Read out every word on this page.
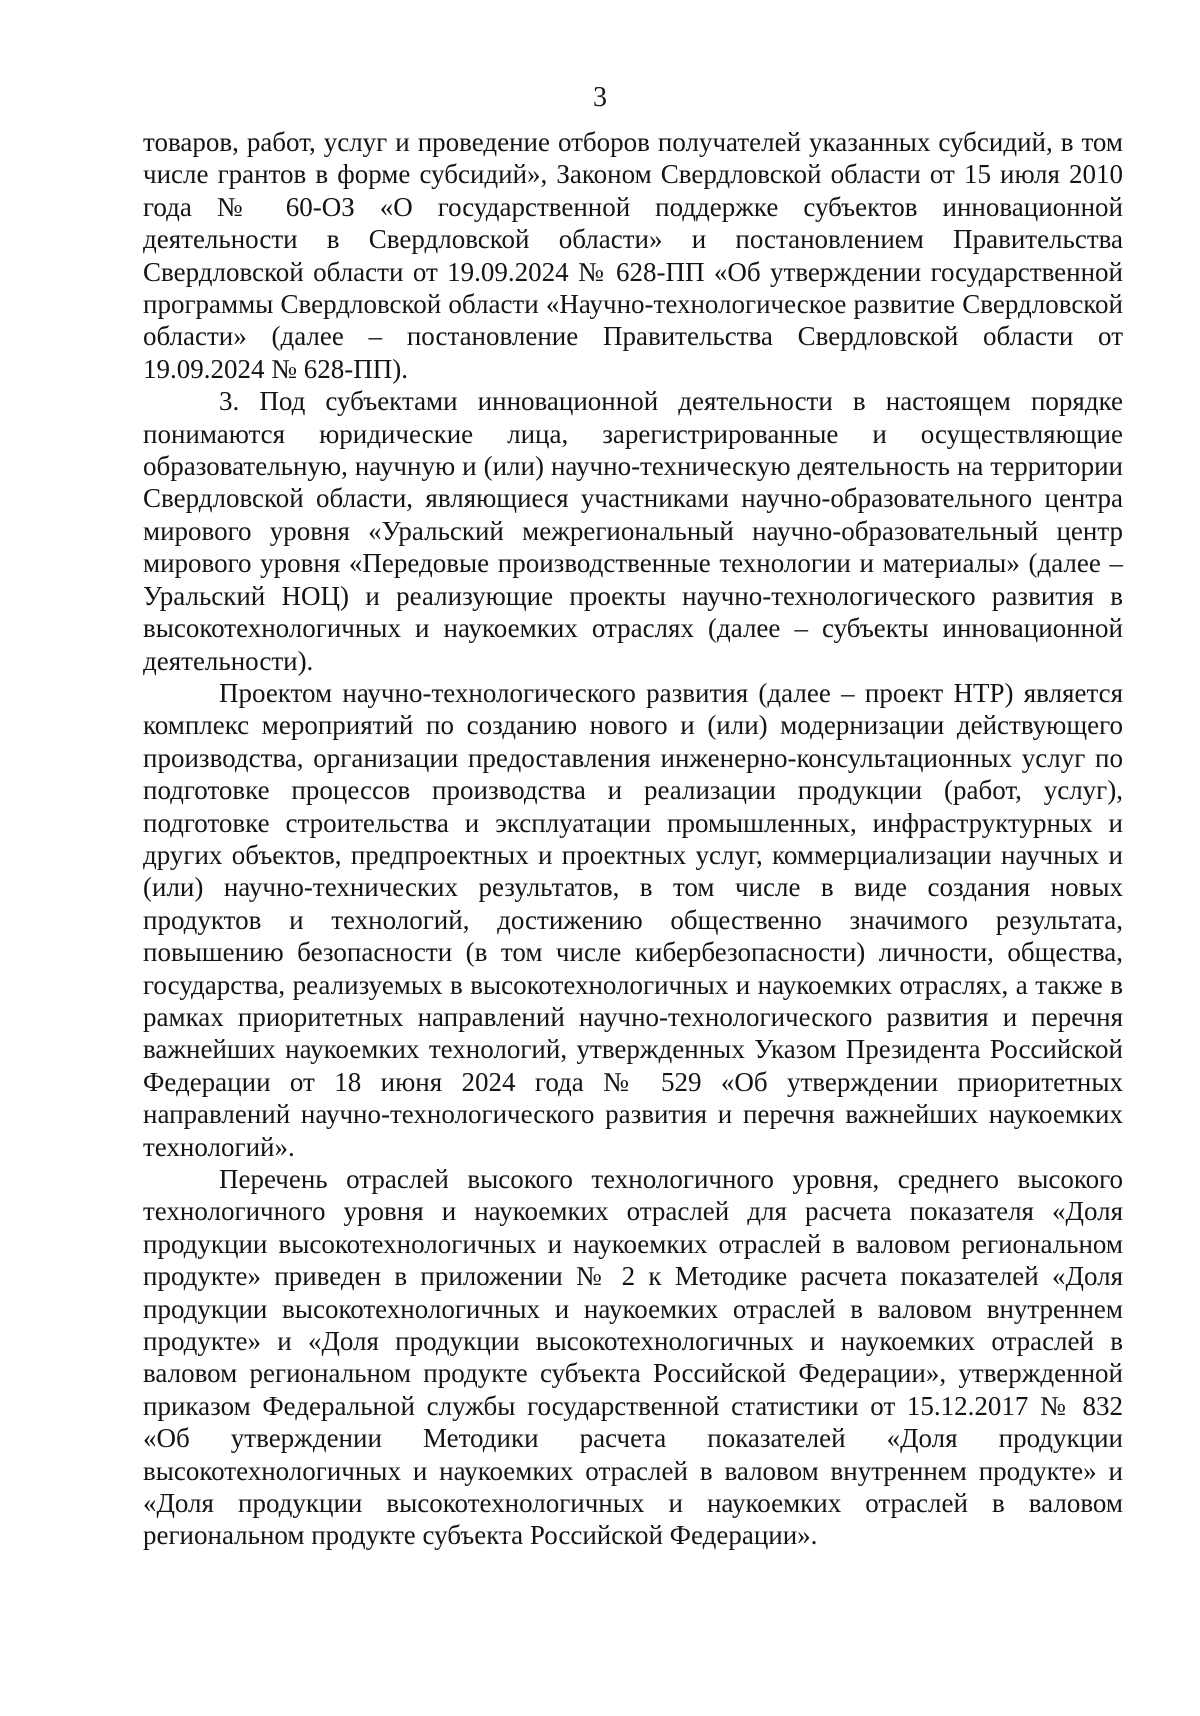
3

товаров, работ, услуг и проведение отборов получателей указанных субсидий, в том числе грантов в форме субсидий», Законом Свердловской области от 15 июля 2010 года № 60-ОЗ «О государственной поддержке субъектов инновационной деятельности в Свердловской области» и постановлением Правительства Свердловской области от 19.09.2024 № 628-ПП «Об утверждении государственной программы Свердловской области «Научно-технологическое развитие Свердловской области» (далее – постановление Правительства Свердловской области от 19.09.2024 № 628-ПП).

3. Под субъектами инновационной деятельности в настоящем порядке понимаются юридические лица, зарегистрированные и осуществляющие образовательную, научную и (или) научно-техническую деятельность на территории Свердловской области, являющиеся участниками научно-образовательного центра мирового уровня «Уральский межрегиональный научно-образовательный центр мирового уровня «Передовые производственные технологии и материалы» (далее – Уральский НОЦ) и реализующие проекты научно-технологического развития в высокотехнологичных и наукоемких отраслях (далее – субъекты инновационной деятельности).

Проектом научно-технологического развития (далее – проект НТР) является комплекс мероприятий по созданию нового и (или) модернизации действующего производства, организации предоставления инженерно-консультационных услуг по подготовке процессов производства и реализации продукции (работ, услуг), подготовке строительства и эксплуатации промышленных, инфраструктурных и других объектов, предпроектных и проектных услуг, коммерциализации научных и (или) научно-технических результатов, в том числе в виде создания новых продуктов и технологий, достижению общественно значимого результата, повышению безопасности (в том числе кибербезопасности) личности, общества, государства, реализуемых в высокотехнологичных и наукоемких отраслях, а также в рамках приоритетных направлений научно-технологического развития и перечня важнейших наукоемких технологий, утвержденных Указом Президента Российской Федерации от 18 июня 2024 года № 529 «Об утверждении приоритетных направлений научно-технологического развития и перечня важнейших наукоемких технологий».

Перечень отраслей высокого технологичного уровня, среднего высокого технологичного уровня и наукоемких отраслей для расчета показателя «Доля продукции высокотехнологичных и наукоемких отраслей в валовом региональном продукте» приведен в приложении № 2 к Методике расчета показателей «Доля продукции высокотехнологичных и наукоемких отраслей в валовом внутреннем продукте» и «Доля продукции высокотехнологичных и наукоемких отраслей в валовом региональном продукте субъекта Российской Федерации», утвержденной приказом Федеральной службы государственной статистики от 15.12.2017 № 832 «Об утверждении Методики расчета показателей «Доля продукции высокотехнологичных и наукоемких отраслей в валовом внутреннем продукте» и «Доля продукции высокотехнологичных и наукоемких отраслей в валовом региональном продукте субъекта Российской Федерации».
